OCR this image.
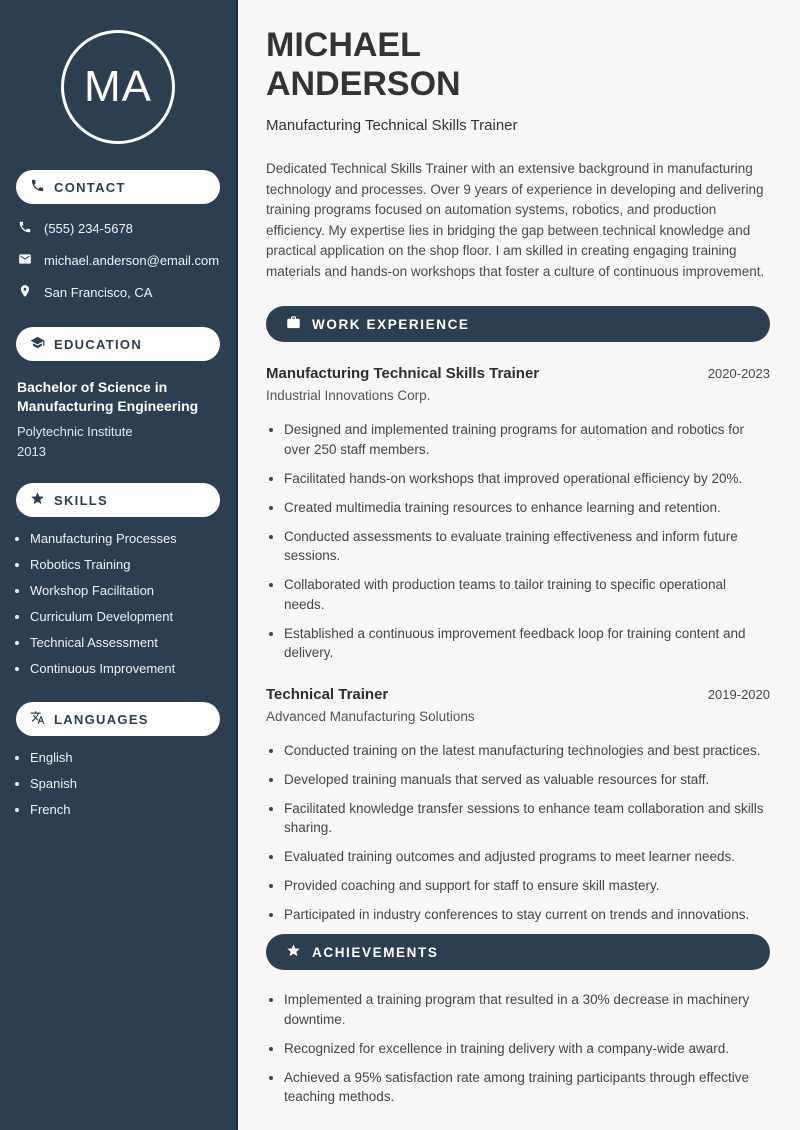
MA
CONTACT
(555) 234-5678
michael.anderson@email.com
San Francisco, CA
EDUCATION
Bachelor of Science in Manufacturing Engineering
Polytechnic Institute
2013
SKILLS
• Manufacturing Processes
• Robotics Training
• Workshop Facilitation
• Curriculum Development
• Technical Assessment
• Continuous Improvement
LANGUAGES
• English
• Spanish
• French
MICHAEL
ANDERSON
Manufacturing Technical Skills Trainer

Dedicated Technical Skills Trainer with an extensive background in manufacturing technology and processes. Over 9 years of experience in developing and delivering training programs focused on automation systems, robotics, and production efficiency. My expertise lies in bridging the gap between technical knowledge and practical application on the shop floor. I am skilled in creating engaging training materials and hands-on workshops that foster a culture of continuous improvement.

WORK EXPERIENCE
Manufacturing Technical Skills Trainer	2020-2023
Industrial Innovations Corp.
• Designed and implemented training programs for automation and robotics for over 250 staff members.
• Facilitated hands-on workshops that improved operational efficiency by 20%.
• Created multimedia training resources to enhance learning and retention.
• Conducted assessments to evaluate training effectiveness and inform future sessions.
• Collaborated with production teams to tailor training to specific operational needs.
• Established a continuous improvement feedback loop for training content and delivery.
Technical Trainer	2019-2020
Advanced Manufacturing Solutions
• Conducted training on the latest manufacturing technologies and best practices.
• Developed training manuals that served as valuable resources for staff.
• Facilitated knowledge transfer sessions to enhance team collaboration and skills sharing.
• Evaluated training outcomes and adjusted programs to meet learner needs.
• Provided coaching and support for staff to ensure skill mastery.
• Participated in industry conferences to stay current on trends and innovations.
ACHIEVEMENTS
• Implemented a training program that resulted in a 30% decrease in machinery downtime.
• Recognized for excellence in training delivery with a company-wide award.
• Achieved a 95% satisfaction rate among training participants through effective teaching methods.
